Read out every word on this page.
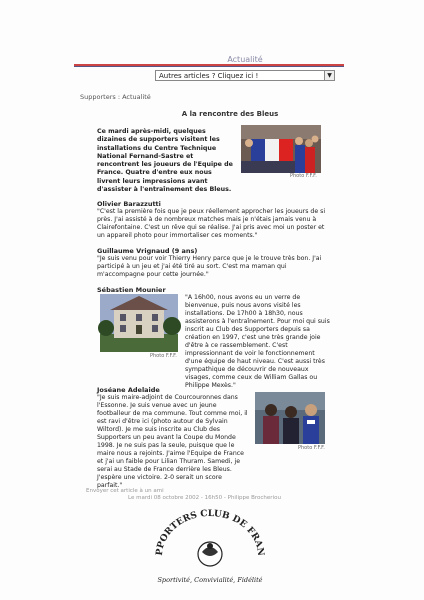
Actualité
Autres articles ? Cliquez ici !	▼
Supporters : Actualité
A la rencontre des Bleus
Ce mardi après-midi, quelques dizaines de supporters visitent les installations du Centre Technique National Fernand-Sastre et rencontrent les joueurs de l'Equipe de France. Quatre d'entre eux nous livrent leurs impressions avant d'assister à l'entraînement des Bleus.
Photo F.F.F.
Olivier Barazzutti
"C'est la première fois que je peux réellement approcher les joueurs de si près. J'ai assisté à de nombreux matches mais je n'étais jamais venu à Clairefontaine. C'est un rêve qui se réalise. J'ai pris avec moi un poster et un appareil photo pour immortaliser ces moments."
Guillaume Vrignaud (9 ans)
"Je suis venu pour voir Thierry Henry parce que je le trouve très bon. J'ai participé à un jeu et j'ai été tiré au sort. C'est ma maman qui m'accompagne pour cette journée."
Sébastien Mounier
Photo F.F.F.
"A 16h00, nous avons eu un verre de bienvenue, puis nous avons visité les installations. De 17h00 à 18h30, nous assisterons à l'entraînement. Pour moi qui suis inscrit au Club des Supporters depuis sa création en 1997, c'est une très grande joie d'être à ce rassemblement. C'est impressionnant de voir le fonctionnement d'une équipe de haut niveau. C'est aussi très sympathique de découvrir de nouveaux visages, comme ceux de William Gallas ou Philippe Mexès."
Joséane Adelaide
"Je suis maire-adjoint de Courcouronnes dans l'Essonne. Je suis venue avec un jeune footballeur de ma commune. Tout comme moi, il est ravi d'être ici (photo autour de Sylvain Wiltord). Je me suis inscrite au Club des Supporters un peu avant la Coupe du Monde 1998. Je ne suis pas la seule, puisque que le maire nous a rejoints. J'aime l'Equipe de France et j'ai un faible pour Lilian Thuram. Samedi, je serai au Stade de France derrière les Bleus. J'espère une victoire. 2-0 serait un score parfait."
Photo F.F.F.
Envoyer cet article à un ami
Le mardi 08 octobre 2002 - 16h50 - Philippe Brocheriou
PPORTERS CLUB DE FRAN
Sportivité, Convivialité, Fidélité
